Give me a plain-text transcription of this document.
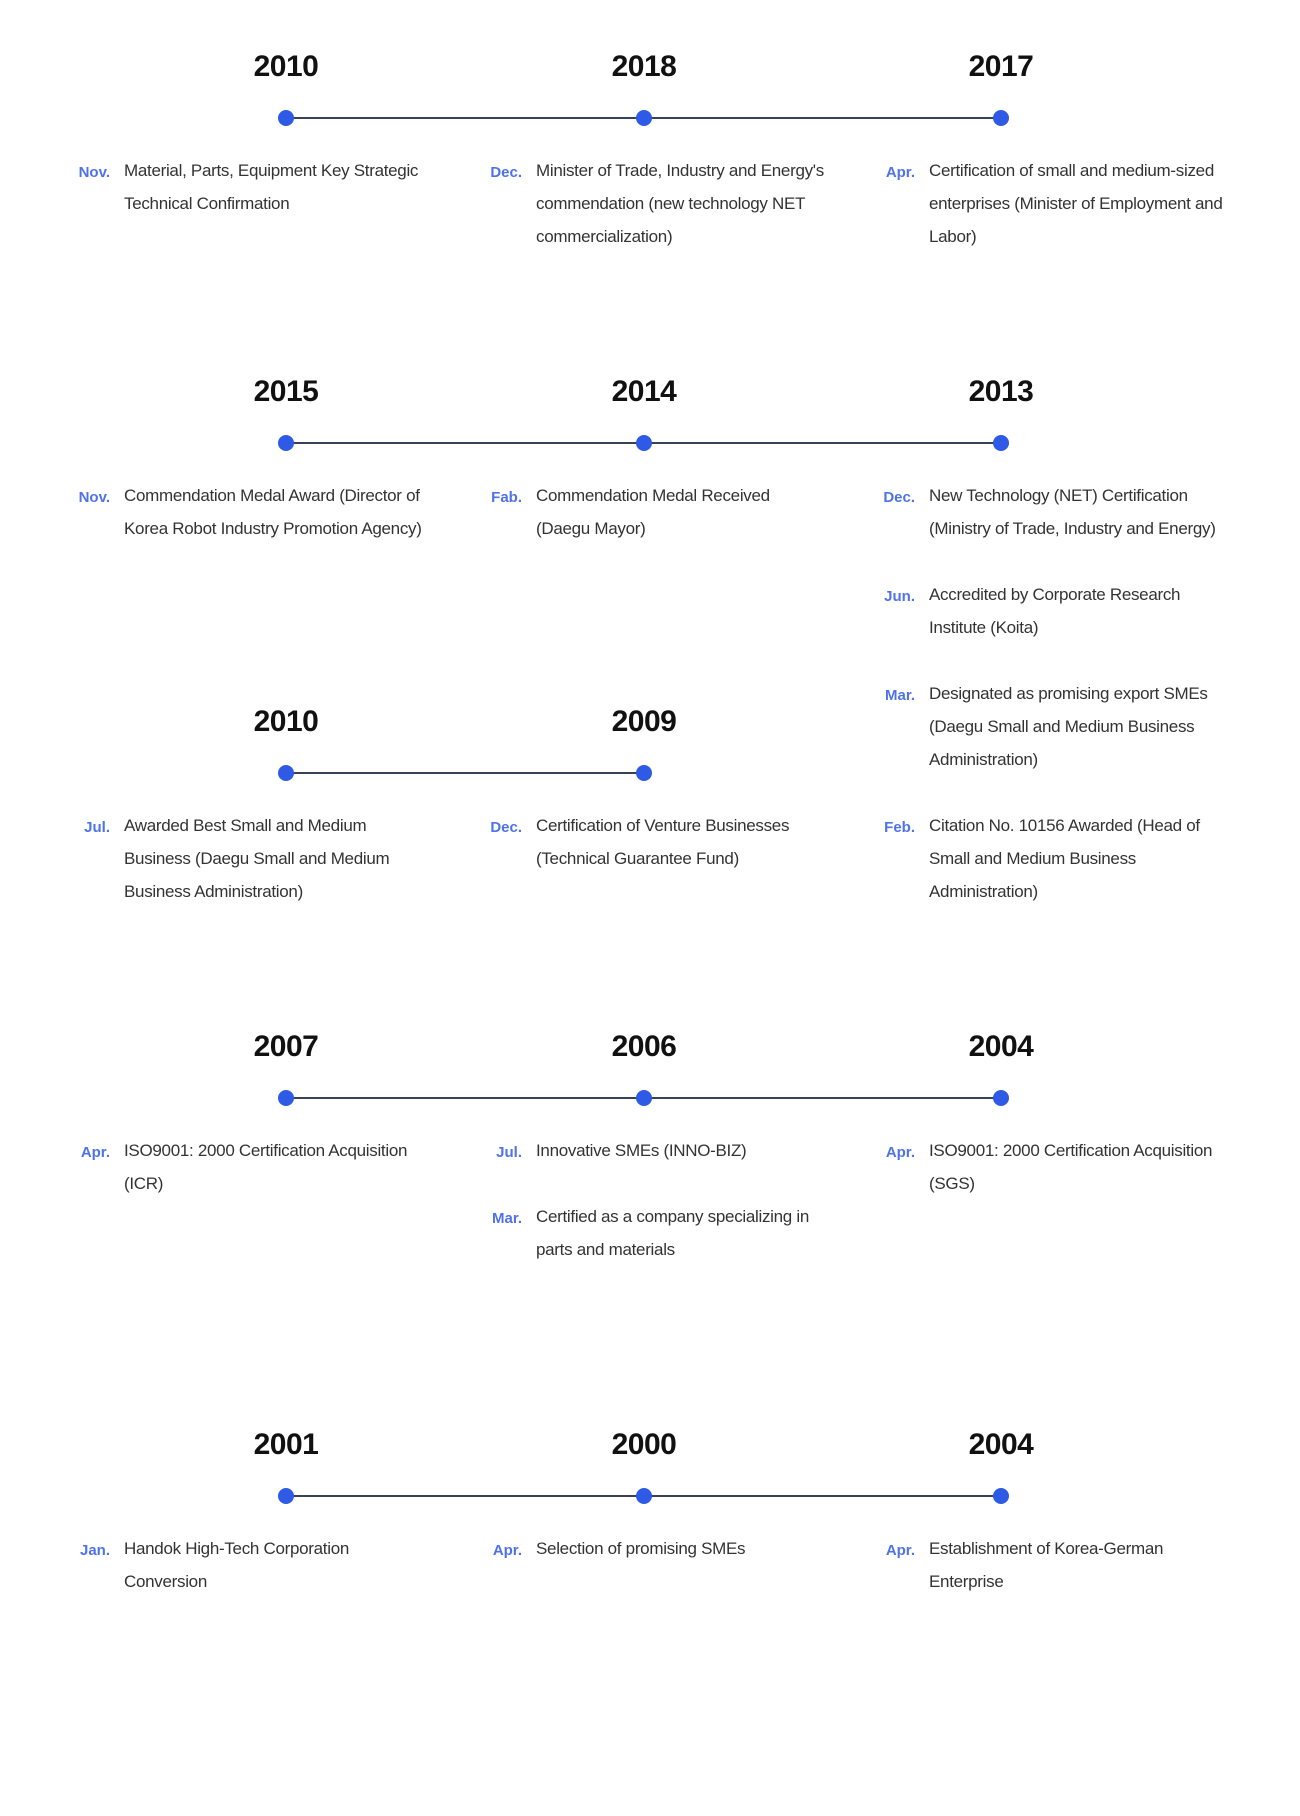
2010
Nov. Material, Parts, Equipment Key Strategic Technical Confirmation
2018
Dec. Minister of Trade, Industry and Energy's commendation (new technology NET commercialization)
2017
Apr. Certification of small and medium-sized enterprises (Minister of Employment and Labor)
2015
Nov. Commendation Medal Award (Director of Korea Robot Industry Promotion Agency)
2014
Fab. Commendation Medal Received (Daegu Mayor)
2013
Dec. New Technology (NET) Certification (Ministry of Trade, Industry and Energy)
Jun. Accredited by Corporate Research Institute (Koita)
Mar. Designated as promising export SMEs (Daegu Small and Medium Business Administration)
Feb. Citation No. 10156 Awarded (Head of Small and Medium Business Administration)
2010
Jul. Awarded Best Small and Medium Business (Daegu Small and Medium Business Administration)
2009
Dec. Certification of Venture Businesses (Technical Guarantee Fund)
2007
Apr. ISO9001: 2000 Certification Acquisition (ICR)
2006
Jul. Innovative SMEs (INNO-BIZ)
Mar. Certified as a company specializing in parts and materials
2004
Apr. ISO9001: 2000 Certification Acquisition (SGS)
2001
Jan. Handok High-Tech Corporation Conversion
2000
Apr. Selection of promising SMEs
2004
Apr. Establishment of Korea-German Enterprise
